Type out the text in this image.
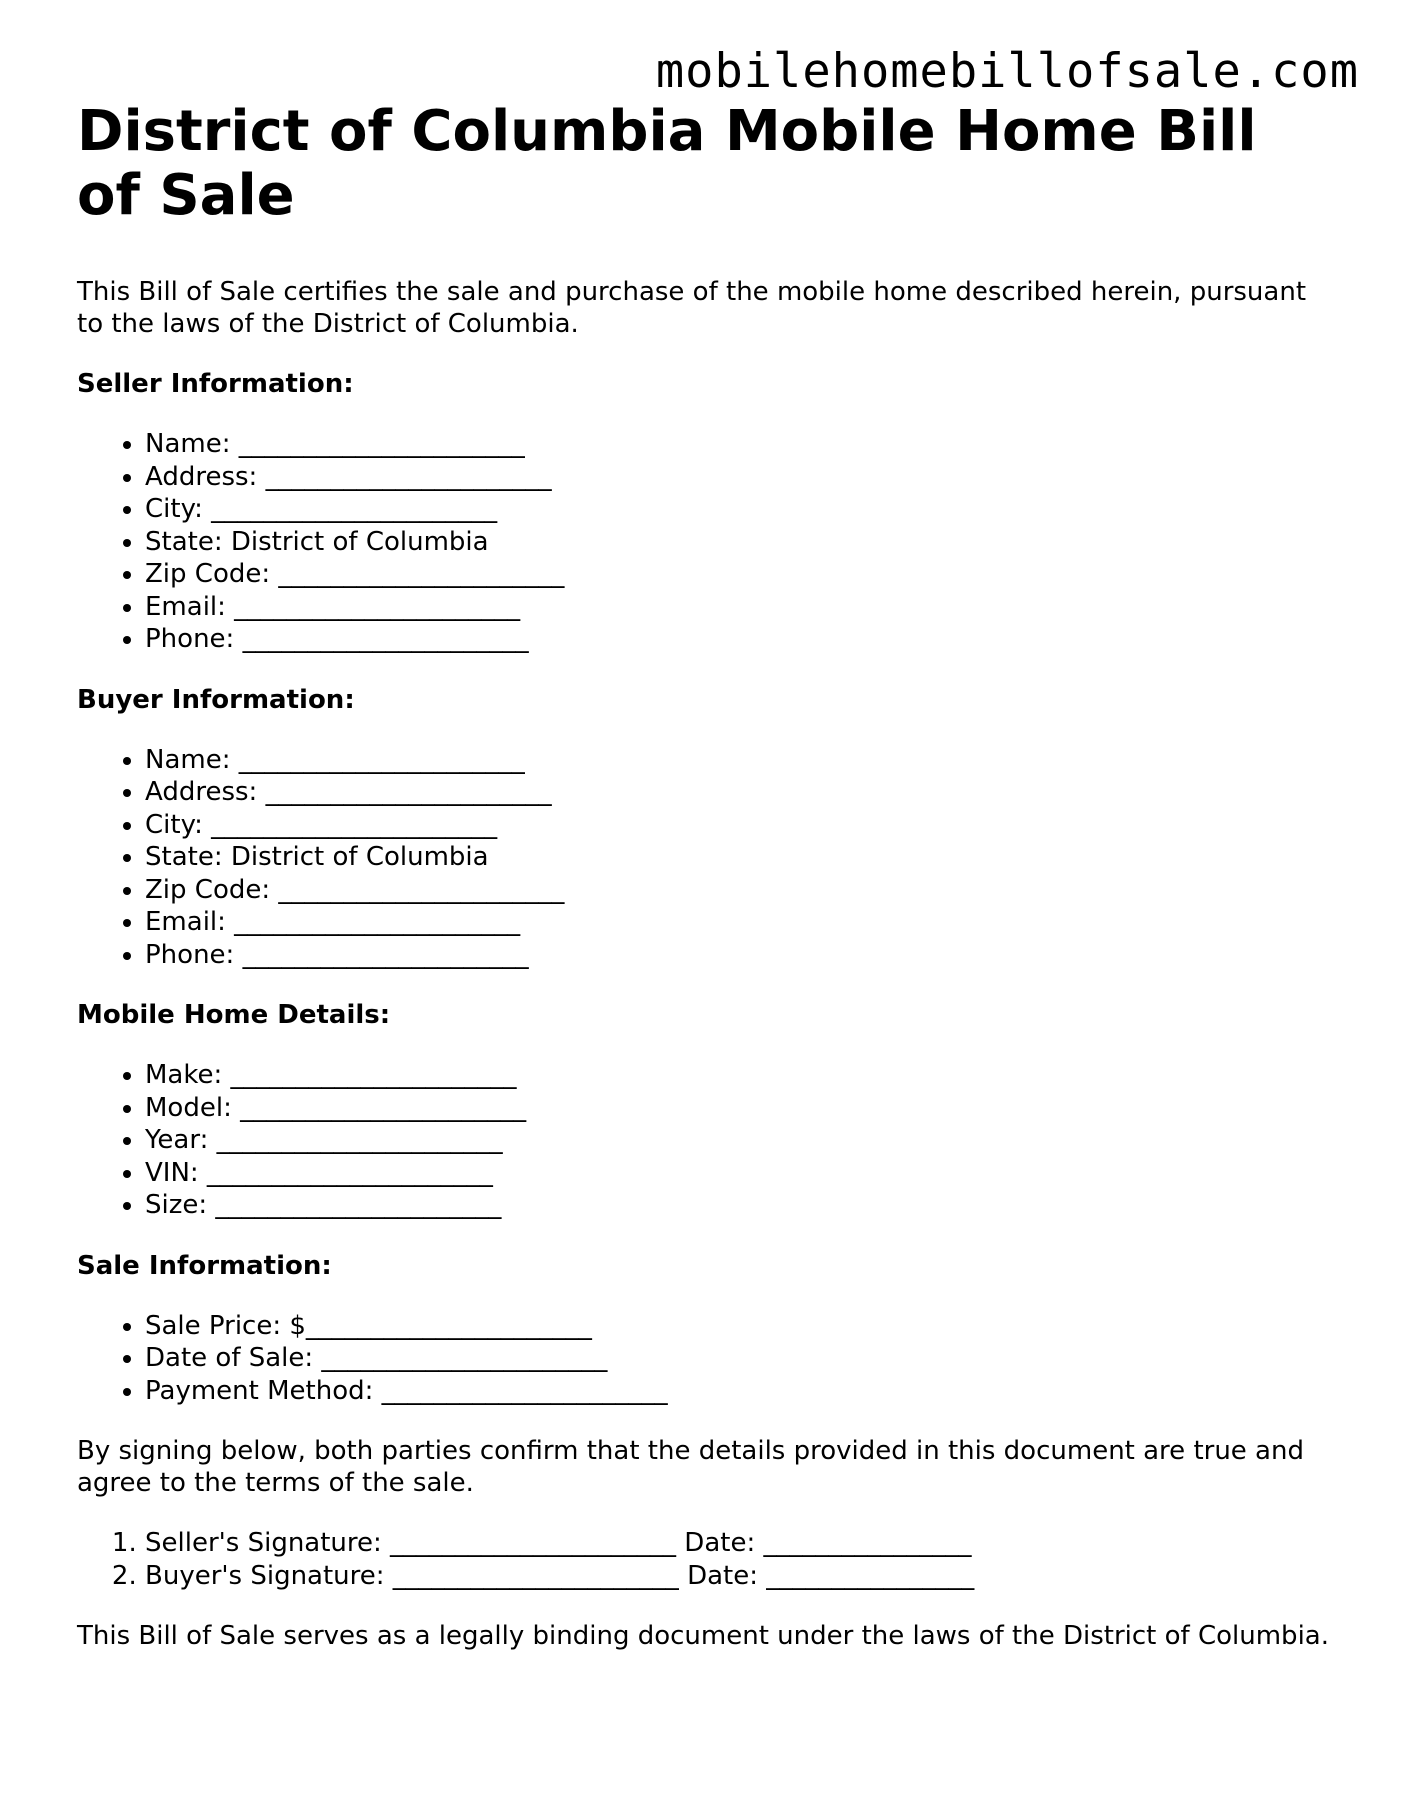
mobilehomebillofsale.com
District of Columbia Mobile Home Bill of Sale

This Bill of Sale certifies the sale and purchase of the mobile home described herein, pursuant to the laws of the District of Columbia.

Seller Information:
• Name: ______________________
• Address: ______________________
• City: ______________________
• State: District of Columbia
• Zip Code: ______________________
• Email: ______________________
• Phone: ______________________
Buyer Information:
• Name: ______________________
• Address: ______________________
• City: ______________________
• State: District of Columbia
• Zip Code: ______________________
• Email: ______________________
• Phone: ______________________
Mobile Home Details:
• Make: ______________________
• Model: ______________________
• Year: ______________________
• VIN: ______________________
• Size: ______________________
Sale Information:
• Sale Price: $______________________
• Date of Sale: ______________________
• Payment Method: ______________________

By signing below, both parties confirm that the details provided in this document are true and agree to the terms of the sale.

1. Seller's Signature: ______________________ Date: ________________
2. Buyer's Signature: ______________________ Date: ________________

This Bill of Sale serves as a legally binding document under the laws of the District of Columbia.
